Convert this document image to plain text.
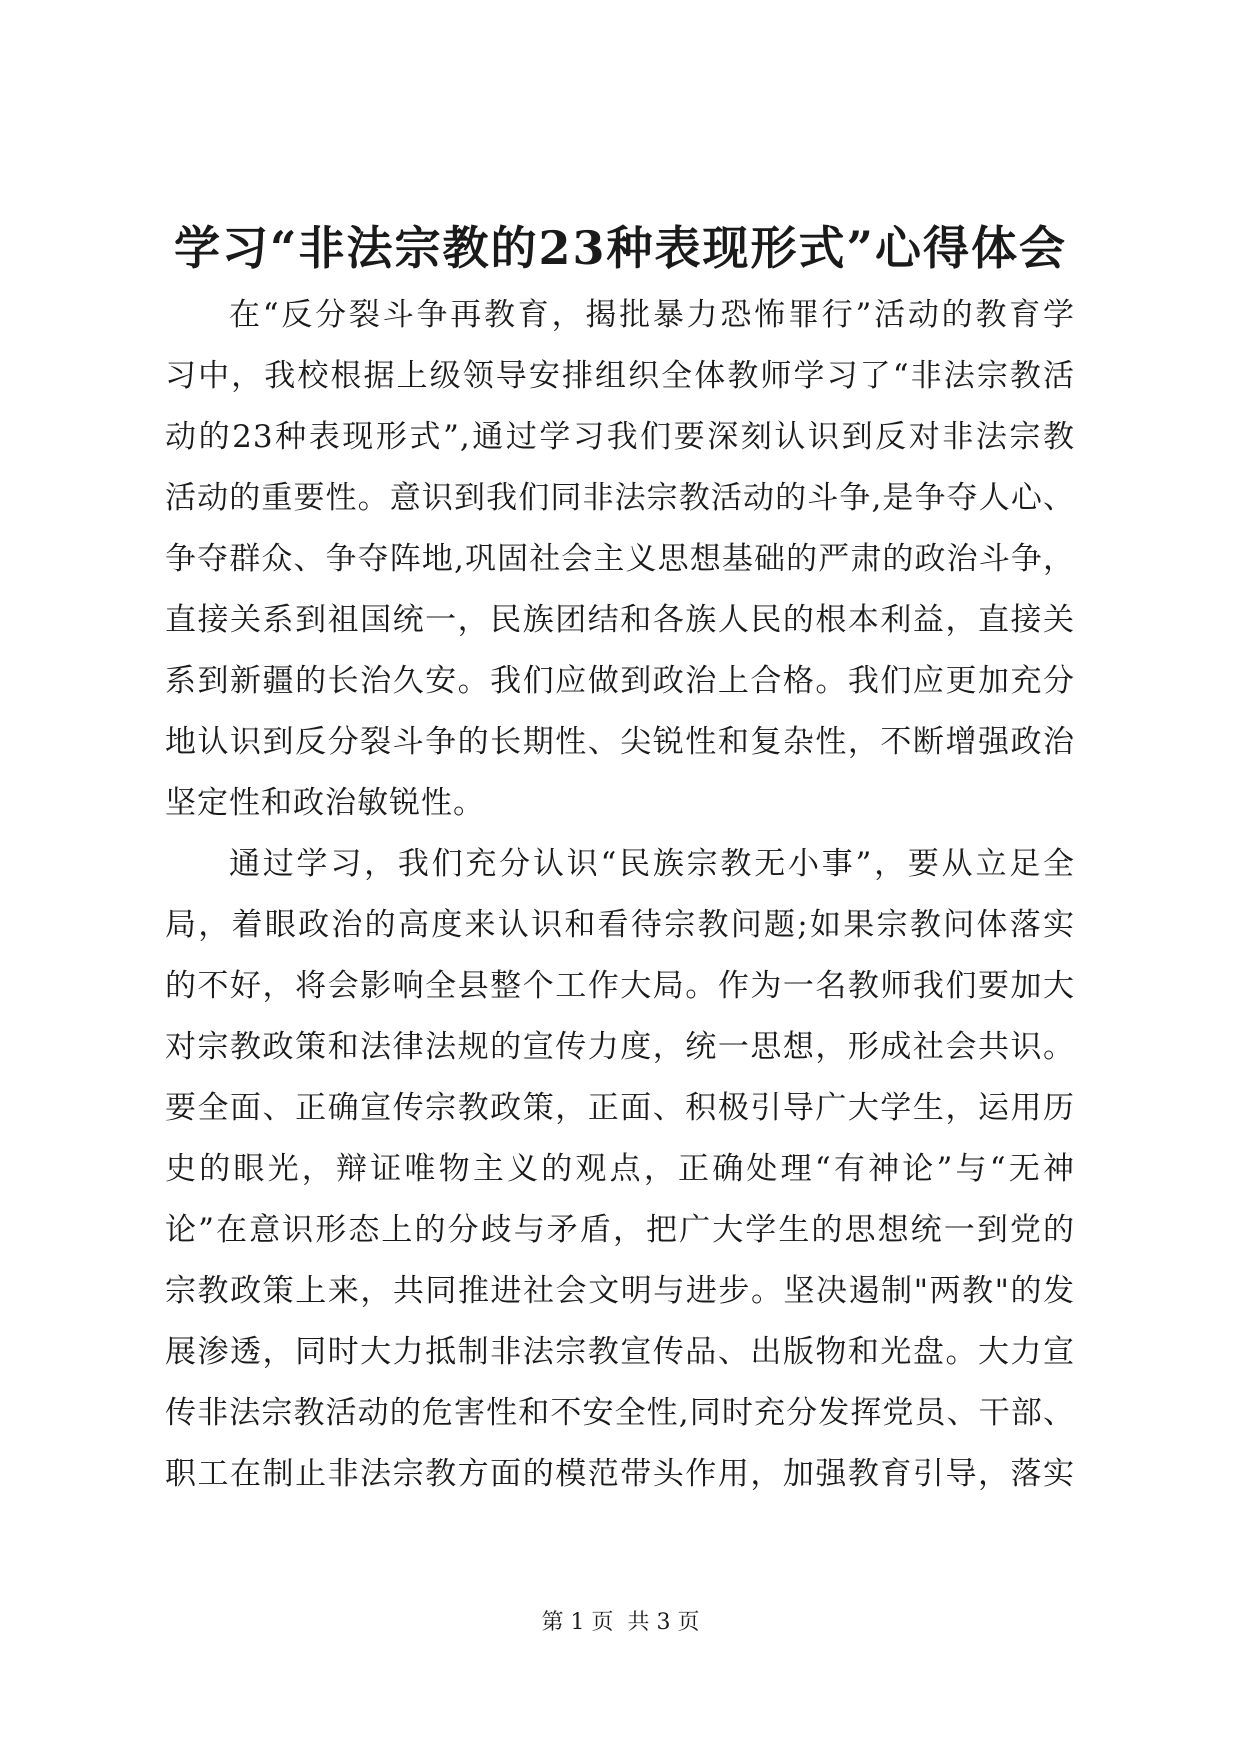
学习“非法宗教的23种表现形式”心得体会
在“反分裂斗争再教育，揭批暴力恐怖罪行”活动的教育学
习中，我校根据上级领导安排组织全体教师学习了“非法宗教活
动的23种表现形式”,通过学习我们要深刻认识到反对非法宗教
活动的重要性。意识到我们同非法宗教活动的斗争,是争夺人心、
争夺群众、争夺阵地,巩固社会主义思想基础的严肃的政治斗争，
直接关系到祖国统一，民族团结和各族人民的根本利益，直接关
系到新疆的长治久安。我们应做到政治上合格。我们应更加充分
地认识到反分裂斗争的长期性、尖锐性和复杂性，不断增强政治
坚定性和政治敏锐性。
通过学习，我们充分认识“民族宗教无小事”，要从立足全
局，着眼政治的高度来认识和看待宗教问题;如果宗教问体落实
的不好，将会影响全县整个工作大局。作为一名教师我们要加大
对宗教政策和法律法规的宣传力度，统一思想，形成社会共识。
要全面、正确宣传宗教政策，正面、积极引导广大学生，运用历
史的眼光，辩证唯物主义的观点，正确处理“有神论”与“无神
论”在意识形态上的分歧与矛盾，把广大学生的思想统一到党的
宗教政策上来，共同推进社会文明与进步。坚决遏制"两教"的发
展渗透，同时大力抵制非法宗教宣传品、出版物和光盘。大力宣
传非法宗教活动的危害性和不安全性,同时充分发挥党员、干部、
职工在制止非法宗教方面的模范带头作用，加强教育引导，落实
第 1 页 共 3 页
